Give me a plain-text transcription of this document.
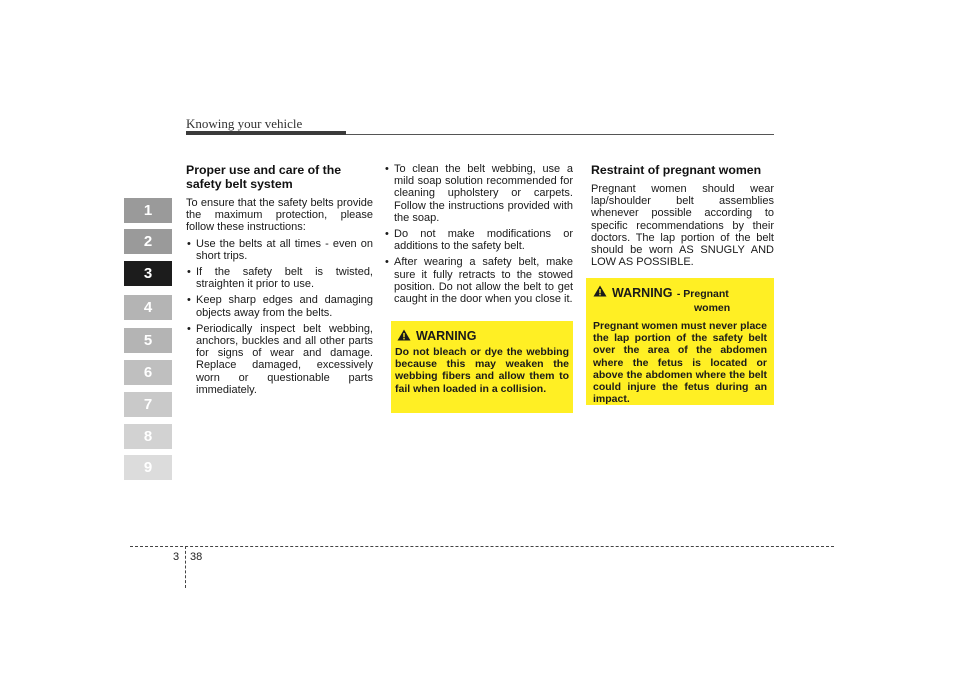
Knowing your vehicle
1
2
3
4
5
6
7
8
9
Proper use and care of the safety belt system

To ensure that the safety belts provide the maximum protection, please follow these instructions:

• Use the belts at all times - even on short trips.
• If the safety belt is twisted, straighten it prior to use.
• Keep sharp edges and damaging objects away from the belts.
• Periodically inspect belt webbing, anchors, buckles and all other parts for signs of wear and damage. Replace damaged, excessively worn or questionable parts immediately.
• To clean the belt webbing, use a mild soap solution recommended for cleaning upholstery or carpets. Follow the instructions provided with the soap.
• Do not make modifications or additions to the safety belt.
• After wearing a safety belt, make sure it fully retracts to the stowed position. Do not allow the belt to get caught in the door when you close it.
WARNING
Do not bleach or dye the webbing because this may weaken the webbing fibers and allow them to fail when loaded in a collision.
Restraint of pregnant women

Pregnant women should wear lap/shoulder belt assemblies whenever possible according to specific recommendations by their doctors. The lap portion of the belt should be worn AS SNUGLY AND LOW AS POSSIBLE.

WARNING - Pregnant
women
Pregnant women must never place the lap portion of the safety belt over the area of the abdomen where the fetus is located or above the abdomen where the belt could injure the fetus during an impact.
3 38
